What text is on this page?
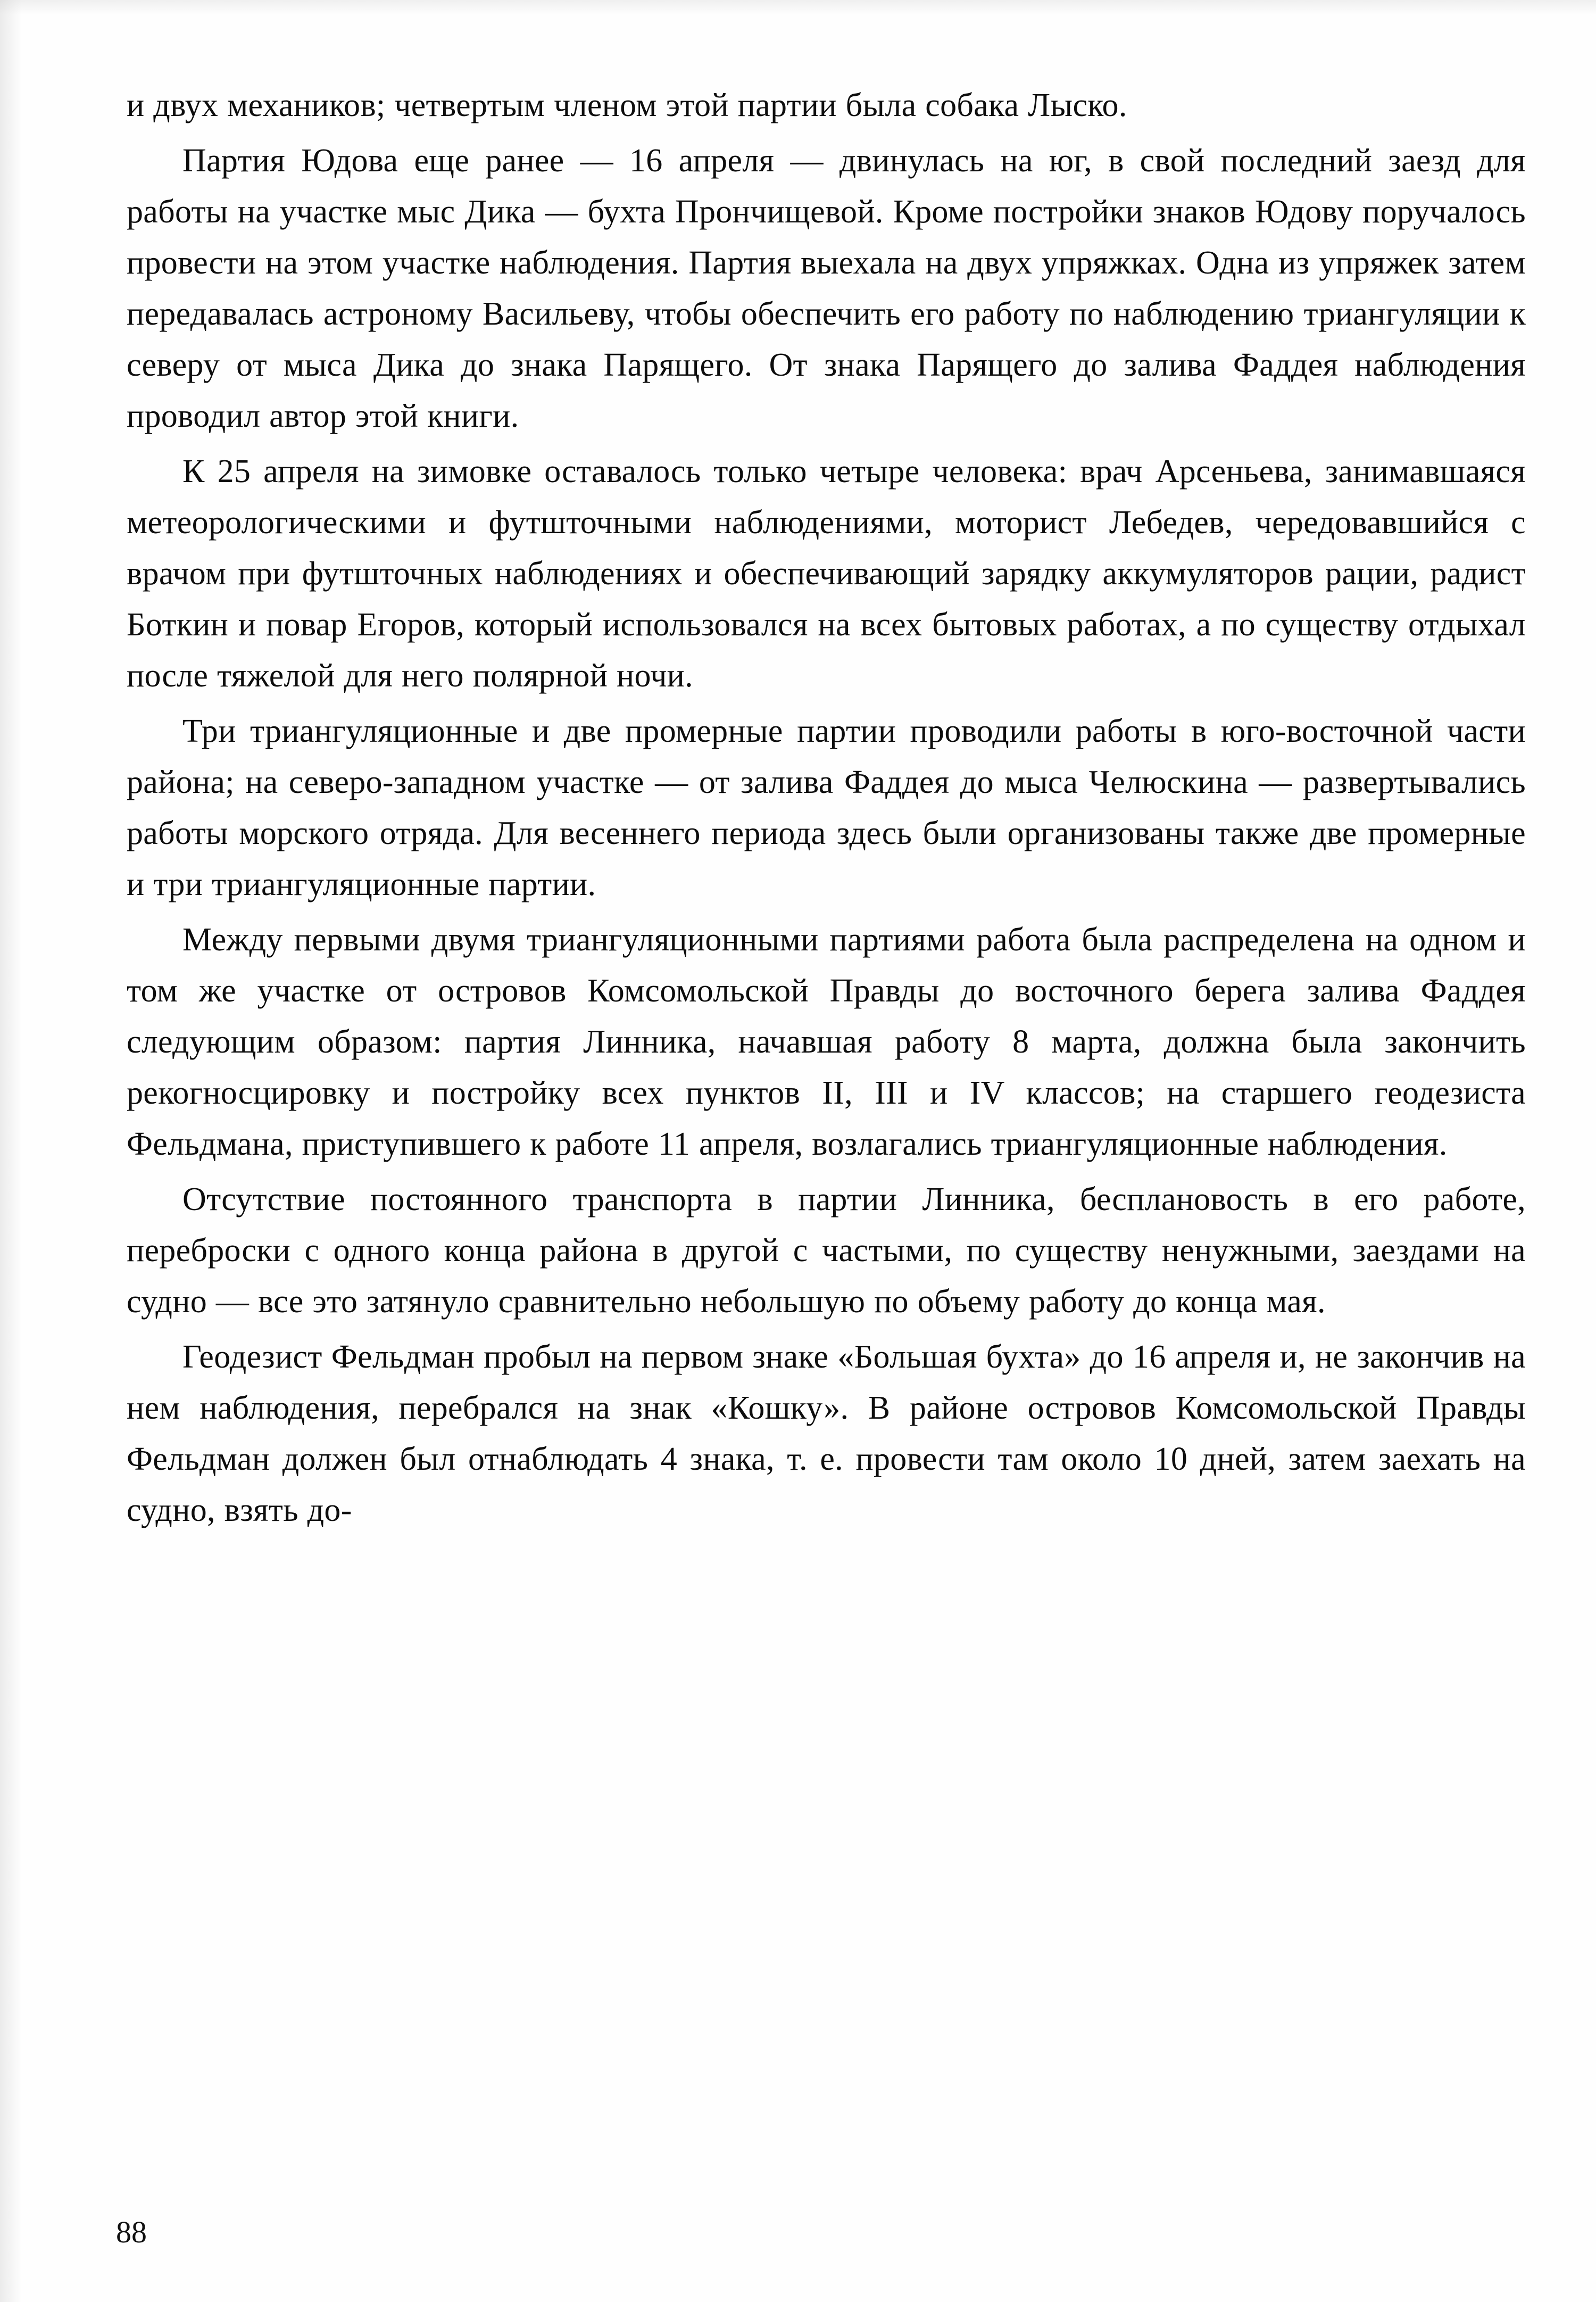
и двух механиков; четвертым членом этой партии была собака Лыско.

Партия Юдова еще ранее — 16 апреля — двинулась на юг, в свой последний заезд для работы на участке мыс Дика — бухта Прончищевой. Кроме постройки знаков Юдову поручалось провести на этом участке наблюдения. Партия выехала на двух упряжках. Одна из упряжек затем передавалась астрономy Васильеву, чтобы обеспечить его работу по наблюдению триангуляции к северу от мыса Дика до знака Парящего. От знака Парящего до залива Фаддея наблюдения проводил автор этой книги.

К 25 апреля на зимовке оставалось только четыре человека: врач Арсеньева, занимавшаяся метеорологическими и футшточными наблюдениями, моторист Лебедев, чередовавшийся с врачом при футшточных наблюдениях и обеспечивающий зарядку аккумуляторов рации, радист Боткин и повар Егоров, который использовался на всех бытовых работах, а по существу отдыхал после тяжелой для него полярной ночи.

Три триангуляционные и две промерные партии проводили работы в юго-восточной части района; на северо-западном участке — от залива Фаддея до мыса Челюскина — развертывались работы морского отряда. Для весеннего периода здесь были организованы также две промерные и три триангуляционные партии.

Между первыми двумя триангуляционными партиями работа была распределена на одном и том же участке от островов Комсомольской Правды до восточного берега залива Фаддея следующим образом: партия Линника, начавшая работу 8 марта, должна была закончить рекогносцировку и постройку всех пунктов II, III и IV классов; на старшего геодезиста Фельдмана, приступившего к работе 11 апреля, возлагались триангуляционные наблюдения.

Отсутствие постоянного транспорта в партии Линника, бесплановость в его работе, переброски с одного конца района в другой с частыми, по существу ненужными, заездами на судно — все это затянуло сравнительно небольшую по объему работу до конца мая.

Геодезист Фельдман пробыл на первом знаке «Большая бухта» до 16 апреля и, не закончив на нем наблюдения, перебрался на знак «Кошку». В районе островов Комсомольской Правды Фельдман должен был отнаблюдать 4 знака, т. е. провести там около 10 дней, затем заехать на судно, взять до-

88
